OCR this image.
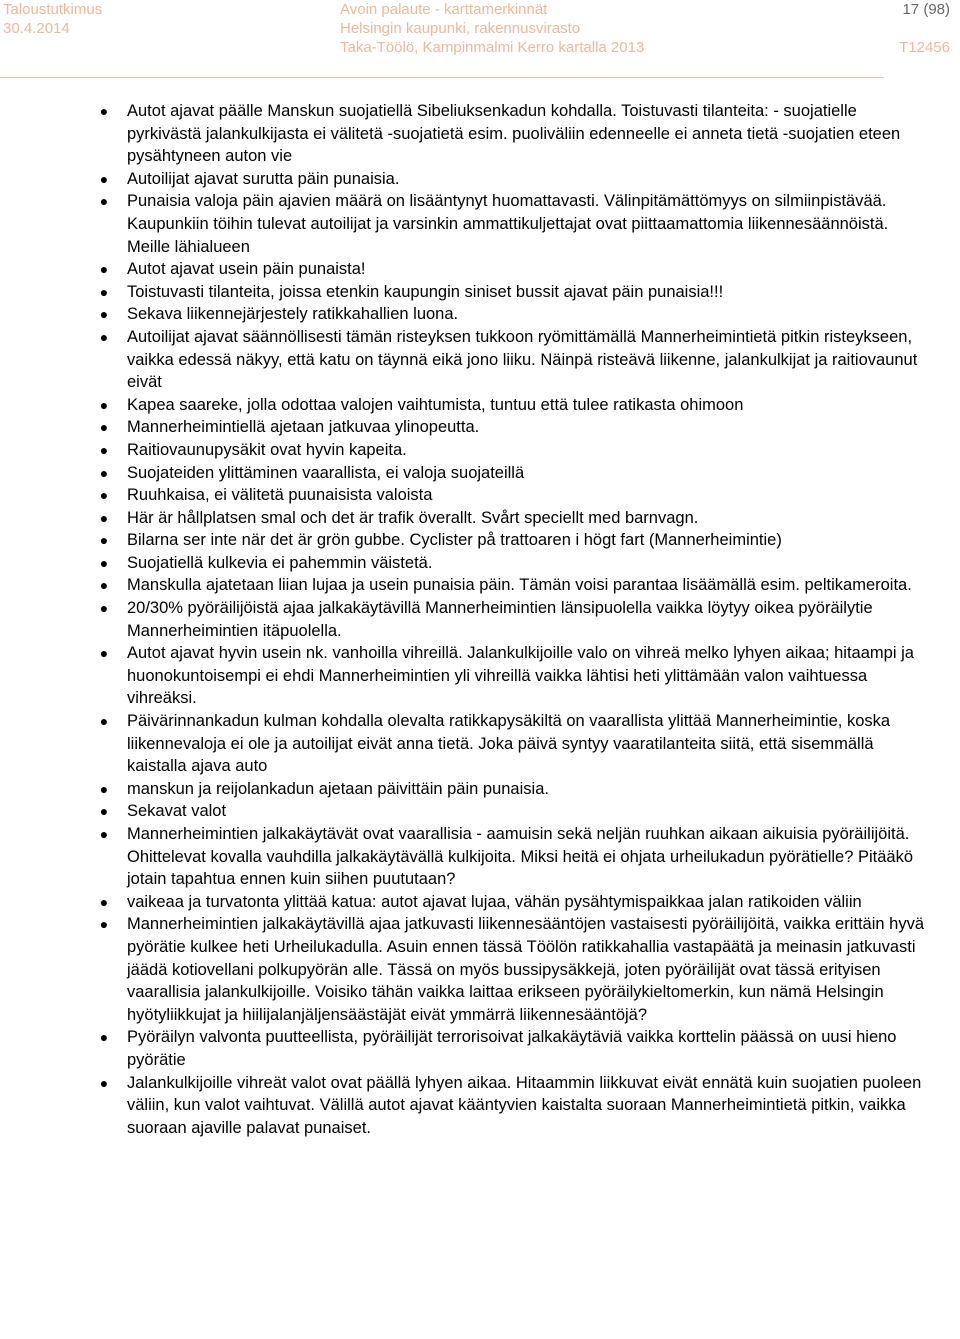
Taloustutkimus
30.4.2014
Avoin palaute - karttamerkinnät
Helsingin kaupunki, rakennusvirasto
Taka-Töölö, Kampinmalmi Kerro kartalla 2013
17 (98)
T12456
● Autot ajavat päälle Manskun suojatiellä Sibeliuksenkadun kohdalla. Toistuvasti tilanteita: - suojatielle pyrkivästä jalankulkijasta ei välitetä -suojatietä esim. puoliväliin edenneelle ei anneta tietä -suojatien eteen pysähtyneen auton vie
● Autoilijat ajavat surutta päin punaisia.
● Punaisia valoja päin ajavien määrä on lisääntynyt huomattavasti. Välinpitämättömyys on silmiinpistävää. Kaupunkiin töihin tulevat autoilijat ja varsinkin ammattikuljettajat ovat piittaamattomia liikennesäännöistä. Meille lähialueen
● Autot ajavat usein päin punaista!
● Toistuvasti tilanteita, joissa etenkin kaupungin siniset bussit ajavat päin punaisia!!!
● Sekava liikennejärjestely ratikkahallien luona.
● Autoilijat ajavat säännöllisesti tämän risteyksen tukkoon ryömittämällä Mannerheimintietä pitkin risteykseen, vaikka edessä näkyy, että katu on täynnä eikä jono liiku. Näinpä risteävä liikenne, jalankulkijat ja raitiovaunut eivät
● Kapea saareke, jolla odottaa valojen vaihtumista, tuntuu että tulee ratikasta ohimoon
● Mannerheimintiellä ajetaan jatkuvaa ylinopeutta.
● Raitiovaunupysäkit ovat hyvin kapeita.
● Suojateiden ylittäminen vaarallista, ei valoja suojateillä
● Ruuhkaisa, ei välitetä puunaisista valoista
● Här är hållplatsen smal och det är trafik överallt. Svårt speciellt med barnvagn.
● Bilarna ser inte när det är grön gubbe. Cyclister på trattoaren i högt fart (Mannerheimintie)
● Suojatiellä kulkevia ei pahemmin väistetä.
● Manskulla ajatetaan liian lujaa ja usein punaisia päin. Tämän voisi parantaa lisäämällä esim. peltikameroita.
● 20/30% pyöräilijöistä ajaa jalkakäytävillä Mannerheimintien länsipuolella vaikka löytyy oikea pyöräilytie Mannerheimintien itäpuolella.
● Autot ajavat hyvin usein nk. vanhoilla vihreillä. Jalankulkijoille valo on vihreä melko lyhyen aikaa; hitaampi ja huonokuntoisempi ei ehdi Mannerheimintien yli vihreillä vaikka lähtisi heti ylittämään valon vaihtuessa vihreäksi.
● Päivärinnankadun kulman kohdalla olevalta ratikkapysäkiltä on vaarallista ylittää Mannerheimintie, koska liikennevaloja ei ole ja autoilijat eivät anna tietä. Joka päivä syntyy vaaratilanteita siitä, että sisemmällä kaistalla ajava auto
● manskun ja reijolankadun ajetaan päivittäin päin punaisia.
● Sekavat valot
● Mannerheimintien jalkakäytävät ovat vaarallisia - aamuisin sekä neljän ruuhkan aikaan aikuisia pyöräilijöitä. Ohittelevat kovalla vauhdilla jalkakäytävällä kulkijoita. Miksi heitä ei ohjata urheilukadun pyörätielle? Pitääkö jotain tapahtua ennen kuin siihen puututaan?
● vaikeaa ja turvatonta ylittää katua: autot ajavat lujaa, vähän pysähtymispaikkaa jalan ratikoiden väliin
● Mannerheimintien jalkakäytävillä ajaa jatkuvasti liikennesääntöjen vastaisesti pyöräilijöitä, vaikka erittäin hyvä pyörätie kulkee heti Urheilukadulla. Asuin ennen tässä Töölön ratikkahallia vastapäätä ja meinasin jatkuvasti jäädä kotiovellani polkupyörän alle. Tässä on myös bussipysäkkejä, joten pyöräilijät ovat tässä erityisen vaarallisia jalankulkijoille. Voisiko tähän vaikka laittaa erikseen pyöräilykieltomerkin, kun nämä Helsingin hyötyliikkujat ja hiilijalanjäljensäästäjät eivät ymmärrä liikennesääntöjä?
● Pyöräilyn valvonta puutteellista, pyöräilijät terrorisoivat jalkakäytäviä vaikka korttelin päässä on uusi hieno pyörätie
● Jalankulkijoille vihreät valot ovat päällä lyhyen aikaa. Hitaammin liikkuvat eivät ennätä kuin suojatien puoleen väliin, kun valot vaihtuvat. Välillä autot ajavat kääntyvien kaistalta suoraan Mannerheimintietä pitkin, vaikka suoraan ajaville palavat punaiset.
